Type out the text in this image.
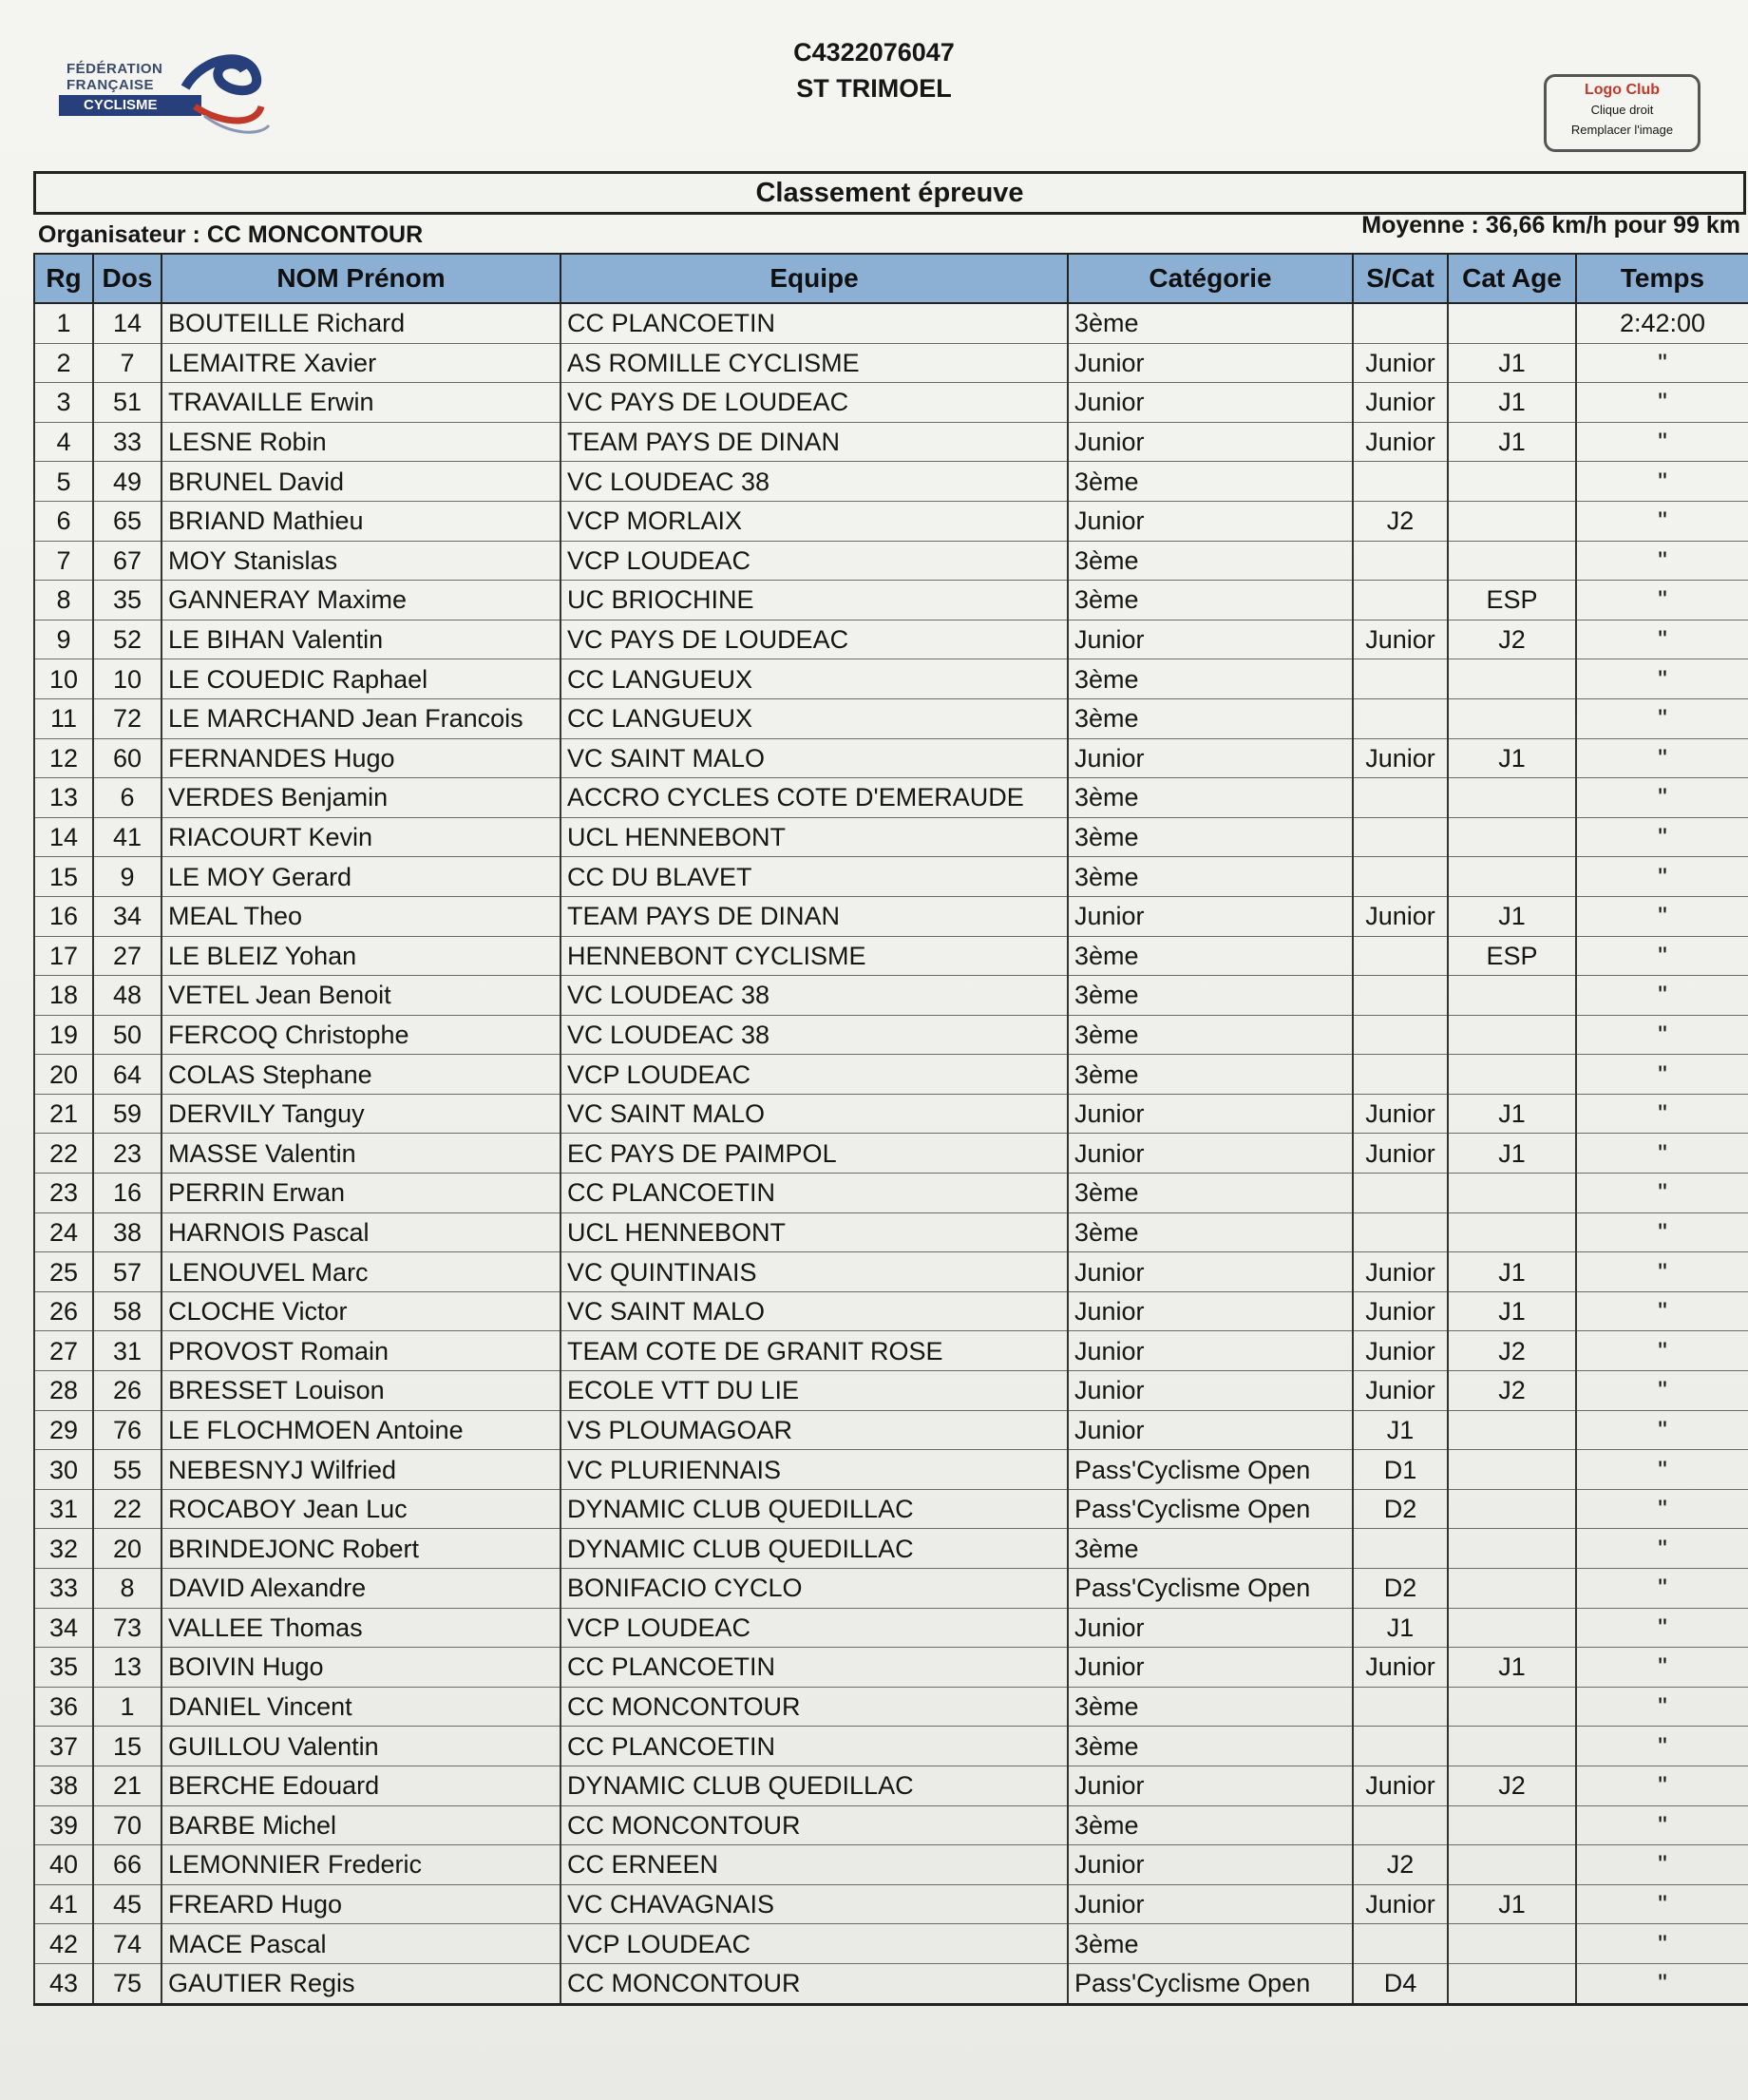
FÉDÉRATION
FRANÇAISE
CYCLISME
C4322076047
ST TRIMOEL	Logo Club
Clique droit
Remplacer l'image
Classement épreuve
Organisateur : CC MONCONTOUR	Moyenne : 36,66 km/h pour 99 km
Rg	Dos	NOM Prénom	Equipe	Catégorie	S/Cat	Cat Age	Temps
1	14	BOUTEILLE Richard	CC PLANCOETIN	3ème			2:42:00
2	7	LEMAITRE Xavier	AS ROMILLE CYCLISME	Junior	Junior	J1	"
3	51	TRAVAILLE Erwin	VC PAYS DE LOUDEAC	Junior	Junior	J1	"
4	33	LESNE Robin	TEAM PAYS DE DINAN	Junior	Junior	J1	"
5	49	BRUNEL David	VC LOUDEAC 38	3ème			"
6	65	BRIAND Mathieu	VCP MORLAIX	Junior	J2		"
7	67	MOY Stanislas	VCP LOUDEAC	3ème			"
8	35	GANNERAY Maxime	UC BRIOCHINE	3ème		ESP	"
9	52	LE BIHAN Valentin	VC PAYS DE LOUDEAC	Junior	Junior	J2	"
10	10	LE COUEDIC Raphael	CC LANGUEUX	3ème			"
11	72	LE MARCHAND Jean Francois	CC LANGUEUX	3ème			"
12	60	FERNANDES Hugo	VC SAINT MALO	Junior	Junior	J1	"
13	6	VERDES Benjamin	ACCRO CYCLES COTE D'EMERAUDE	3ème			"
14	41	RIACOURT Kevin	UCL HENNEBONT	3ème			"
15	9	LE MOY Gerard	CC DU BLAVET	3ème			"
16	34	MEAL Theo	TEAM PAYS DE DINAN	Junior	Junior	J1	"
17	27	LE BLEIZ Yohan	HENNEBONT CYCLISME	3ème		ESP	"
18	48	VETEL Jean Benoit	VC LOUDEAC 38	3ème			"
19	50	FERCOQ Christophe	VC LOUDEAC 38	3ème			"
20	64	COLAS Stephane	VCP LOUDEAC	3ème			"
21	59	DERVILY Tanguy	VC SAINT MALO	Junior	Junior	J1	"
22	23	MASSE Valentin	EC PAYS DE PAIMPOL	Junior	Junior	J1	"
23	16	PERRIN Erwan	CC PLANCOETIN	3ème			"
24	38	HARNOIS Pascal	UCL HENNEBONT	3ème			"
25	57	LENOUVEL Marc	VC QUINTINAIS	Junior	Junior	J1	"
26	58	CLOCHE Victor	VC SAINT MALO	Junior	Junior	J1	"
27	31	PROVOST Romain	TEAM COTE DE GRANIT ROSE	Junior	Junior	J2	"
28	26	BRESSET Louison	ECOLE VTT DU LIE	Junior	Junior	J2	"
29	76	LE FLOCHMOEN Antoine	VS PLOUMAGOAR	Junior	J1		"
30	55	NEBESNYJ Wilfried	VC PLURIENNAIS	Pass'Cyclisme Open	D1		"
31	22	ROCABOY Jean Luc	DYNAMIC CLUB QUEDILLAC	Pass'Cyclisme Open	D2		"
32	20	BRINDEJONC Robert	DYNAMIC CLUB QUEDILLAC	3ème			"
33	8	DAVID Alexandre	BONIFACIO CYCLO	Pass'Cyclisme Open	D2		"
34	73	VALLEE Thomas	VCP LOUDEAC	Junior	J1		"
35	13	BOIVIN Hugo	CC PLANCOETIN	Junior	Junior	J1	"
36	1	DANIEL Vincent	CC MONCONTOUR	3ème			"
37	15	GUILLOU Valentin	CC PLANCOETIN	3ème			"
38	21	BERCHE Edouard	DYNAMIC CLUB QUEDILLAC	Junior	Junior	J2	"
39	70	BARBE Michel	CC MONCONTOUR	3ème			"
40	66	LEMONNIER Frederic	CC ERNEEN	Junior	J2		"
41	45	FREARD Hugo	VC CHAVAGNAIS	Junior	Junior	J1	"
42	74	MACE Pascal	VCP LOUDEAC	3ème			"
43	75	GAUTIER Regis	CC MONCONTOUR	Pass'Cyclisme Open	D4		"
